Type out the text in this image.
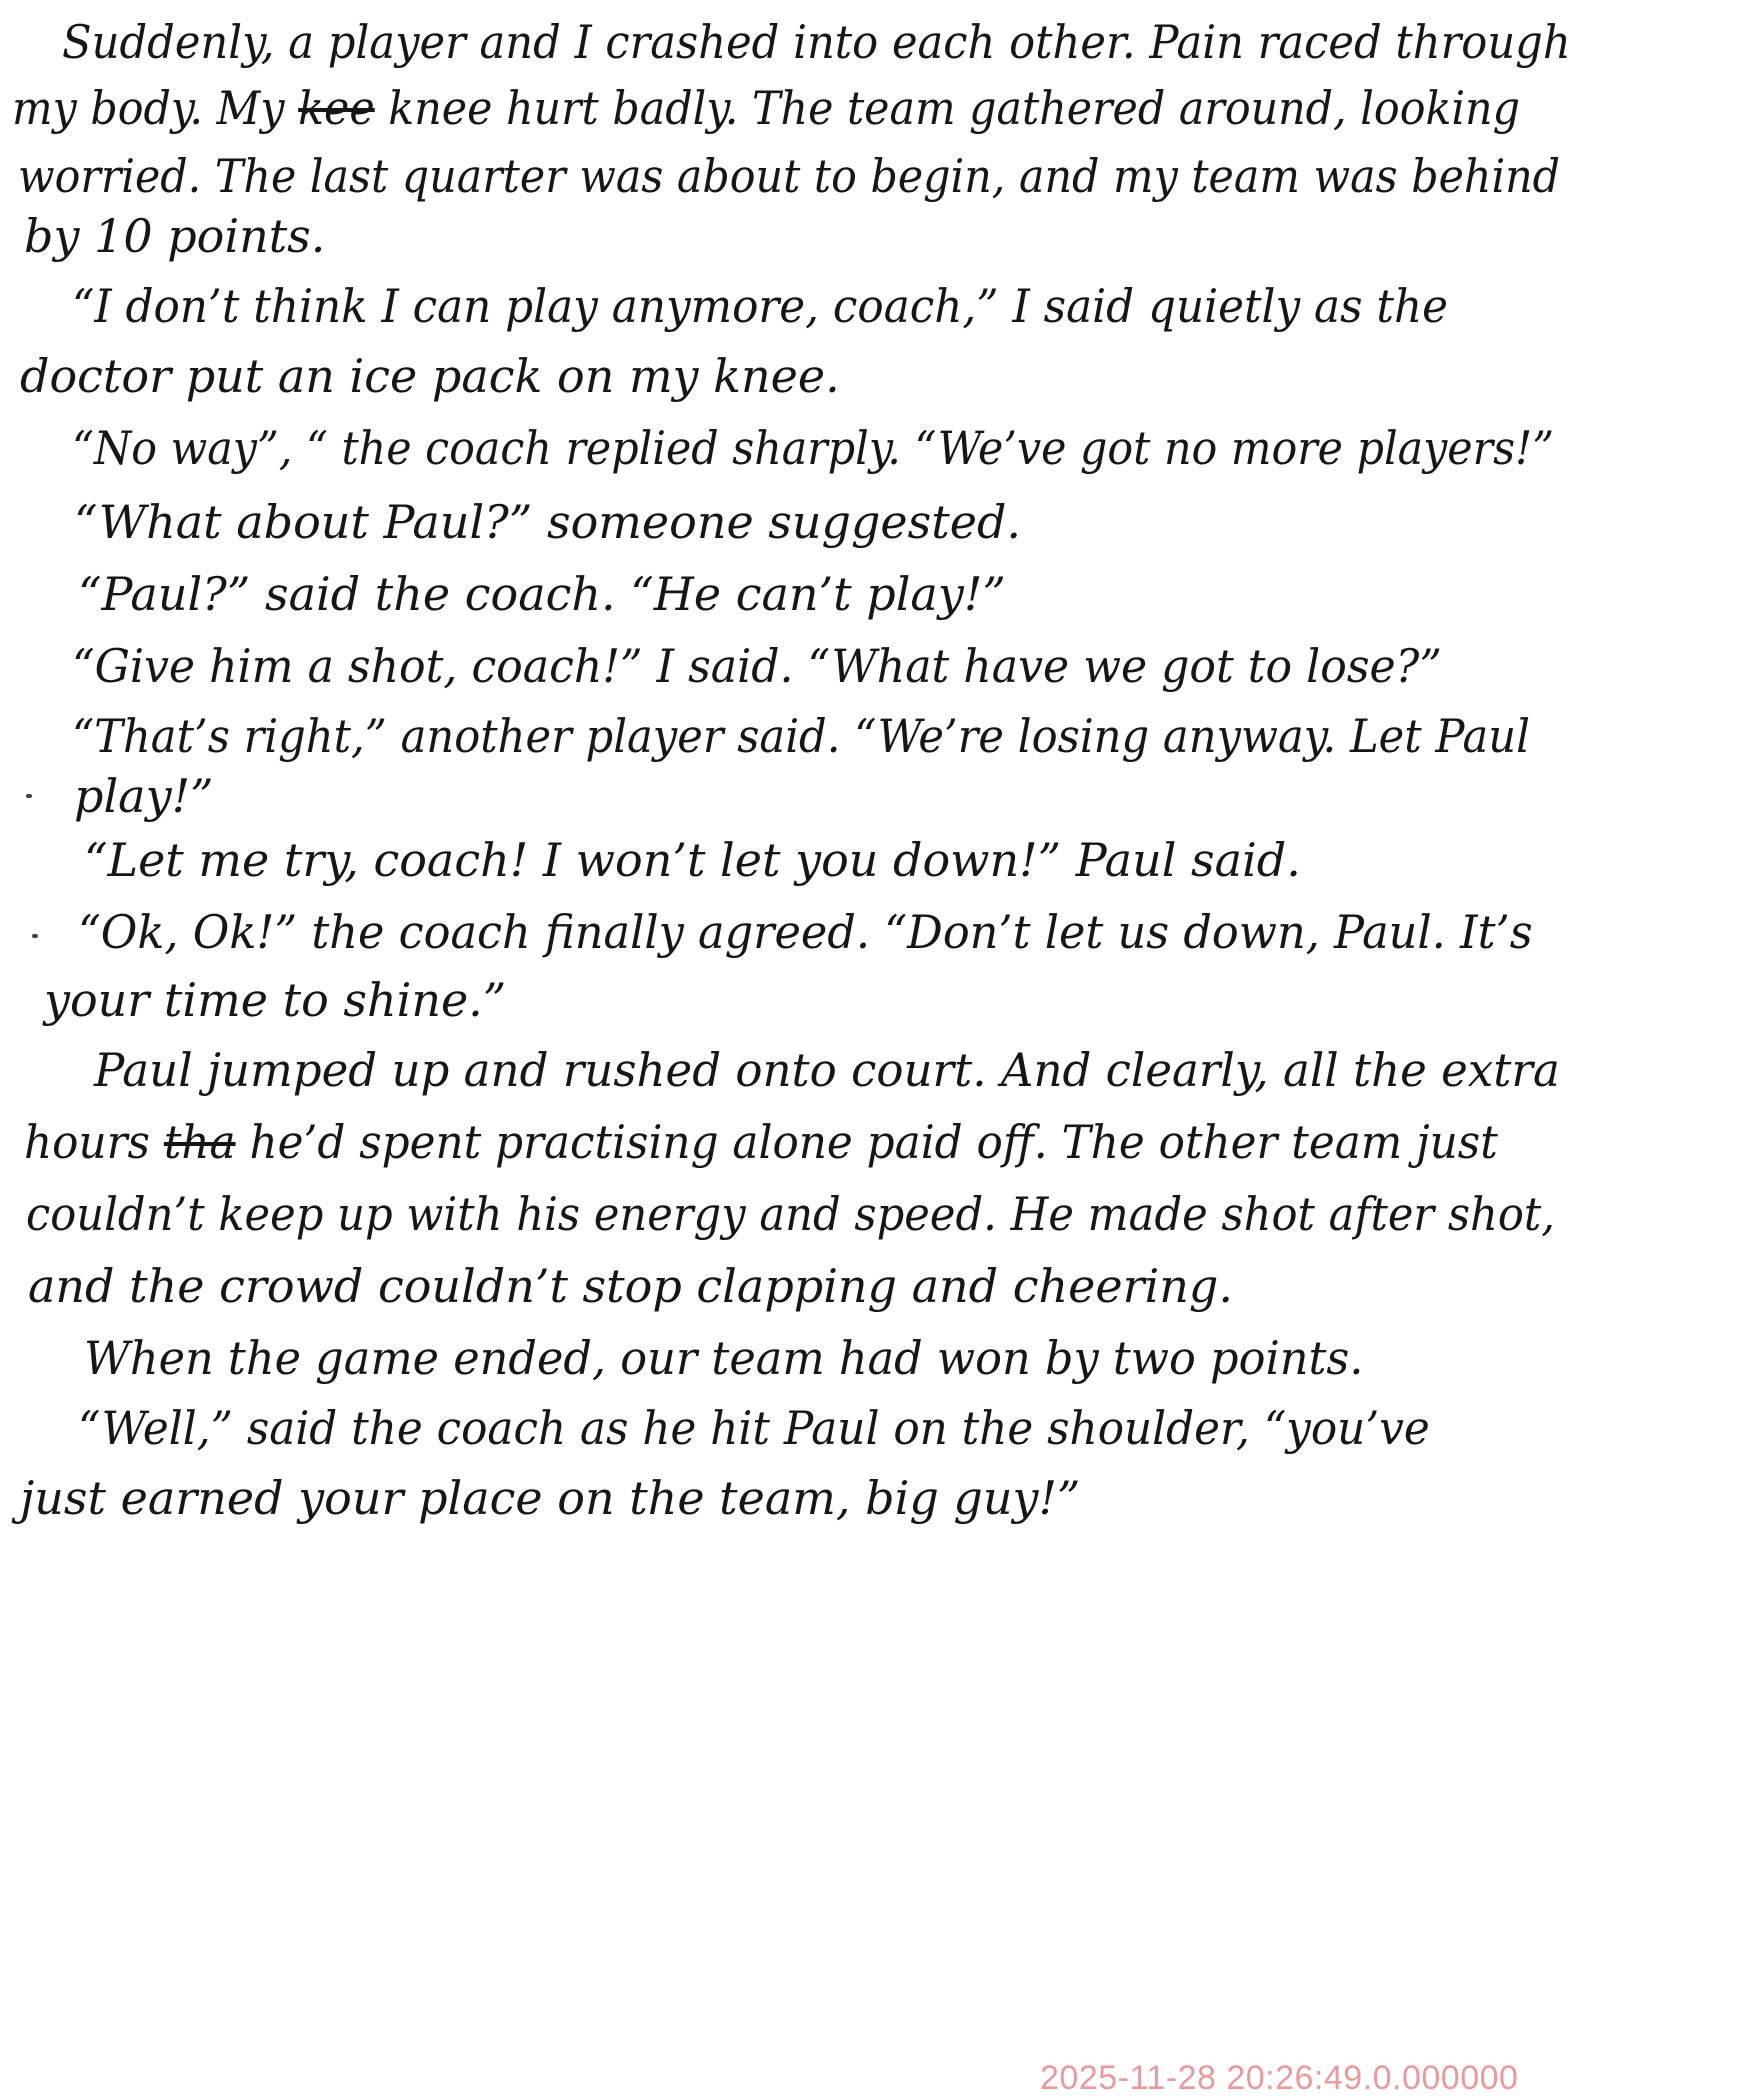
Suddenly, a player and I crashed into each other. Pain raced through
my body. My kee knee hurt badly. The team gathered around, looking
worried. The last quarter was about to begin, and my team was behind
by 10 points.
“I don’t think I can play anymore, coach,” I said quietly as the
doctor put an ice pack on my knee.
“No way”, “ the coach replied sharply. “We’ve got no more players!”
“What about Paul?” someone suggested.
“Paul?” said the coach. “He can’t play!”
“Give him a shot, coach!” I said. “What have we got to lose?”
“That’s right,” another player said. “We’re losing anyway. Let Paul
play!”
“Let me try, coach! I won’t let you down!” Paul said.
“Ok, Ok!” the coach finally agreed. “Don’t let us down, Paul. It’s
your time to shine.”
Paul jumped up and rushed onto court. And clearly, all the extra
hours tha he’d spent practising alone paid off. The other team just
couldn’t keep up with his energy and speed. He made shot after shot,
and the crowd couldn’t stop clapping and cheering.
When the game ended, our team had won by two points.
“Well,” said the coach as he hit Paul on the shoulder, “you’ve
just earned your place on the team, big guy!”
2025-11-28 20:26:49.0.000000
